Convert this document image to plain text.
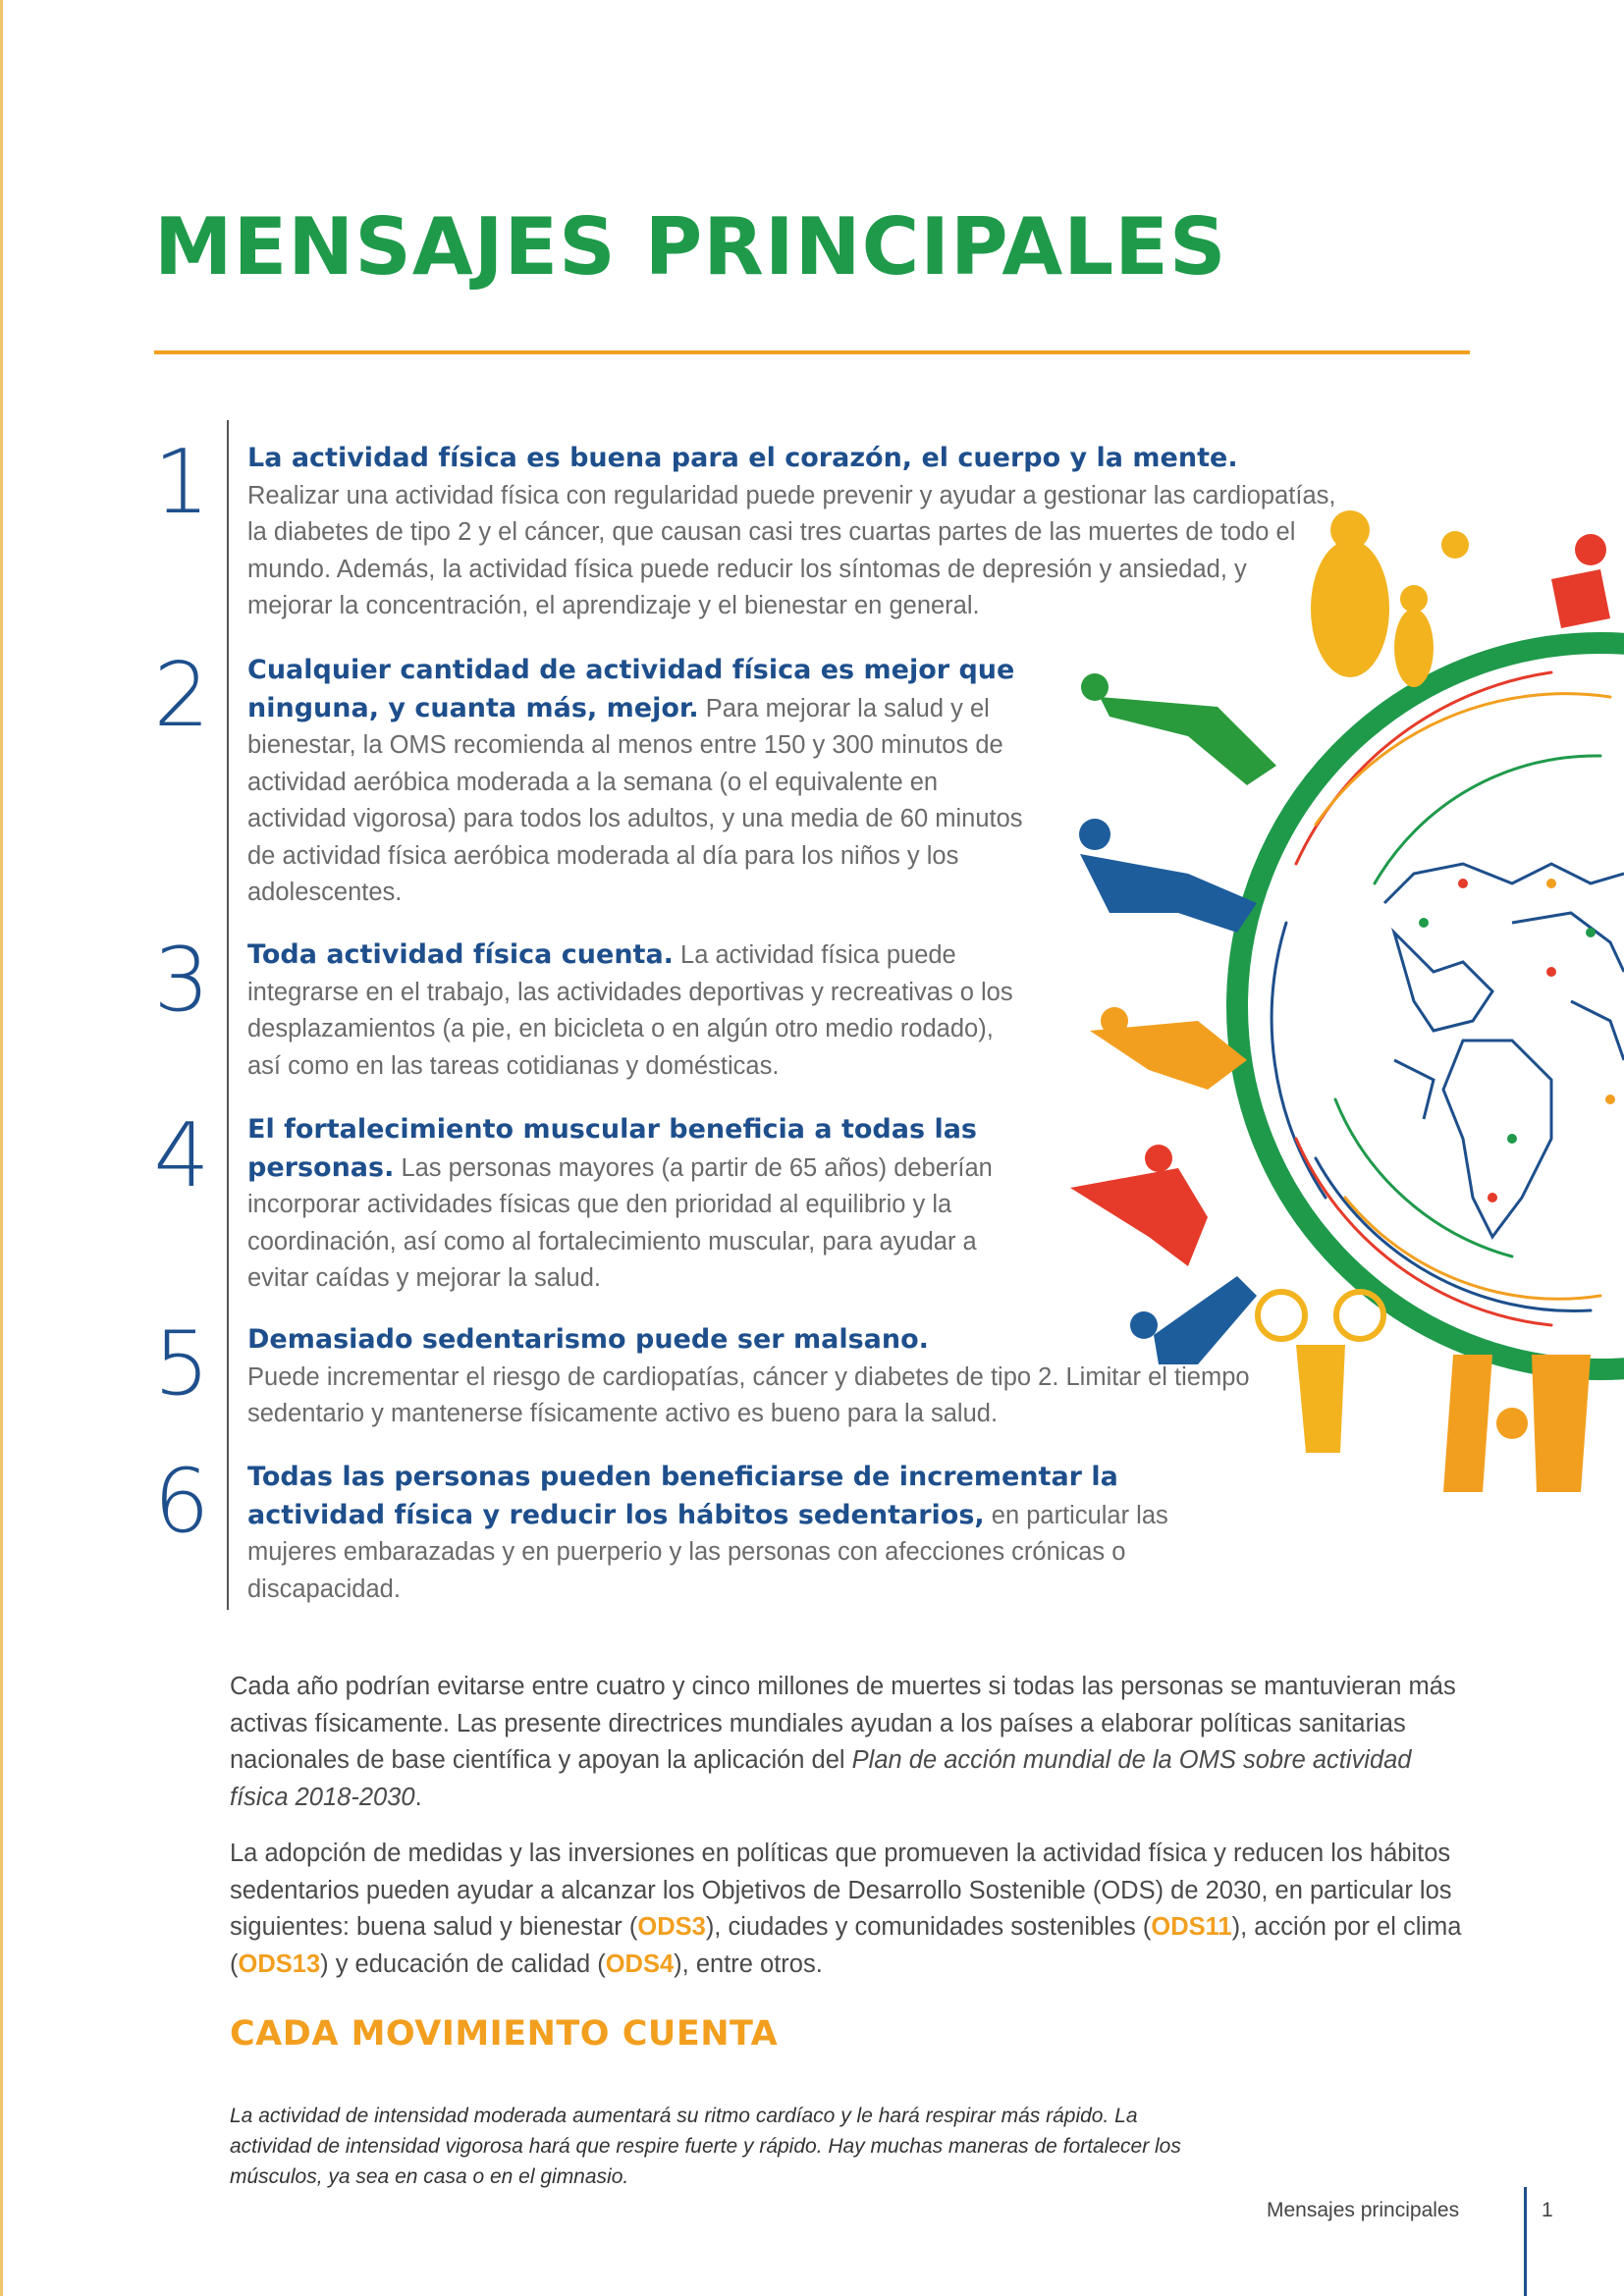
MENSAJES PRINCIPALES
1 La actividad física es buena para el corazón, el cuerpo y la mente.
Realizar una actividad física con regularidad puede prevenir y ayudar a gestionar las cardiopatías, la diabetes de tipo 2 y el cáncer, que causan casi tres cuartas partes de las muertes de todo el mundo. Además, la actividad física puede reducir los síntomas de depresión y ansiedad, y mejorar la concentración, el aprendizaje y el bienestar en general.

2 Cualquier cantidad de actividad física es mejor que ninguna, y cuanta más, mejor. Para mejorar la salud y el bienestar, la OMS recomienda al menos entre 150 y 300 minutos de actividad aeróbica moderada a la semana (o el equivalente en actividad vigorosa) para todos los adultos, y una media de 60 minutos de actividad física aeróbica moderada al día para los niños y los adolescentes.

3 Toda actividad física cuenta. La actividad física puede integrarse en el trabajo, las actividades deportivas y recreativas o los desplazamientos (a pie, en bicicleta o en algún otro medio rodado), así como en las tareas cotidianas y domésticas.

4 El fortalecimiento muscular beneficia a todas las personas. Las personas mayores (a partir de 65 años) deberían incorporar actividades físicas que den prioridad al equilibrio y la coordinación, así como al fortalecimiento muscular, para ayudar a evitar caídas y mejorar la salud.

5 Demasiado sedentarismo puede ser malsano.
Puede incrementar el riesgo de cardiopatías, cáncer y diabetes de tipo 2. Limitar el tiempo sedentario y mantenerse físicamente activo es bueno para la salud.

6 Todas las personas pueden beneficiarse de incrementar la actividad física y reducir los hábitos sedentarios, en particular las mujeres embarazadas y en puerperio y las personas con afecciones crónicas o discapacidad.

Cada año podrían evitarse entre cuatro y cinco millones de muertes si todas las personas se mantuvieran más activas físicamente. Las presente directrices mundiales ayudan a los países a elaborar políticas sanitarias nacionales de base científica y apoyan la aplicación del Plan de acción mundial de la OMS sobre actividad física 2018-2030.

La adopción de medidas y las inversiones en políticas que promueven la actividad física y reducen los hábitos sedentarios pueden ayudar a alcanzar los Objetivos de Desarrollo Sostenible (ODS) de 2030, en particular los siguientes: buena salud y bienestar (ODS3), ciudades y comunidades sostenibles (ODS11), acción por el clima (ODS13) y educación de calidad (ODS4), entre otros.

CADA MOVIMIENTO CUENTA

La actividad de intensidad moderada aumentará su ritmo cardíaco y le hará respirar más rápido. La actividad de intensidad vigorosa hará que respire fuerte y rápido. Hay muchas maneras de fortalecer los músculos, ya sea en casa o en el gimnasio.

Mensajes principales	1
